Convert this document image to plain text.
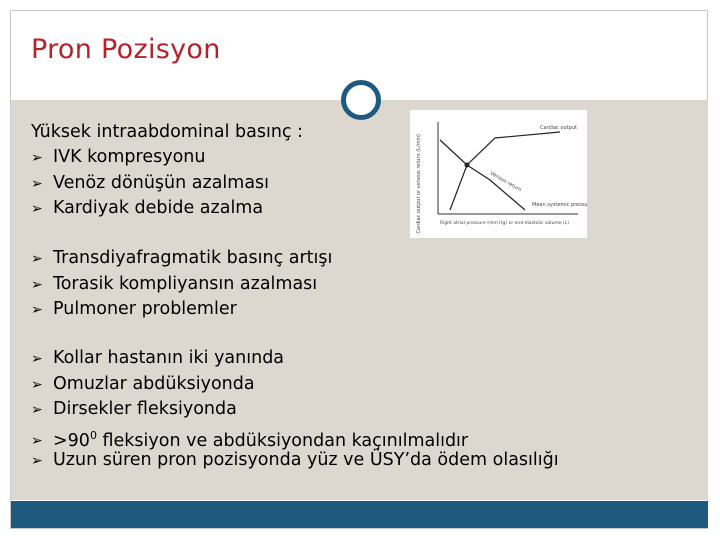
Pron Pozisyon
Yüksek intraabdominal basınç :
➢ IVK kompresyonu
➢ Venöz dönüşün azalması
➢ Kardiyak debide azalma
➢ Transdiyafragmatik basınç artışı
➢ Torasik kompliyansın azalması
➢ Pulmoner problemler
➢ Kollar hastanın iki yanında
➢ Omuzlar abdüksiyonda
➢ Dirsekler fleksiyonda
➢ $>90^0$ fleksiyon ve abdüksiyondan kaçınılmalıdır
➢ Uzun süren pron pozisyonda yüz ve ÜSY’da ödem olasılığı
Cardiac output or venous return (L/min)
Cardiac output
Venous return
Mean systemic pressure
Right atrial pressure (mm Hg) or end-diastolic volume (L)
